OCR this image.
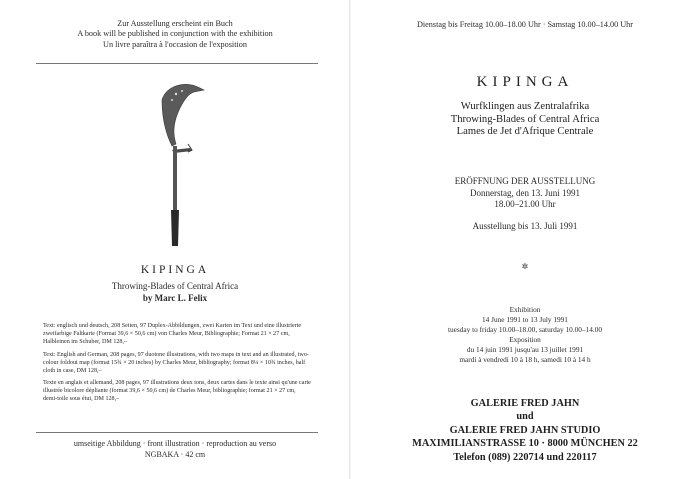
Zur Ausstellung erscheint ein Buch
A book will be published in conjunction with the exhibition
Un livre paraîtra à l'occasion de l'exposition
KIPINGA
Throwing-Blades of Central Africa
by Marc L. Felix

Text: englisch und deutsch, 208 Seiten, 97 Duplex-Abbildungen, zwei Karten im Text und eine illustrierte zweifarbige Faltkarte (Format 39,6 × 50,6 cm) von Charles Meur, Bibliographie; Format 21 × 27 cm, Halbleinen im Schuber, DM 128,–

Text: English and German, 208 pages, 97 duotone illustrations, with two maps in text and an illustrated, two-colour foldout map (format 15¾ × 20 inches) by Charles Meur, bibliography; format 8¼ × 10¾ inches, half cloth in case, DM 128,–

Texte en anglais et allemand, 208 pages, 97 illustrations deux tons, deux cartes dans le texte ainsi qu'une carte illustrée bicolore dépliante (format 39,6 × 50,6 cm) de Charles Meur, bibliographie; format 21 × 27 cm, demi-toile sous étui, DM 128,–

umseitige Abbildung · front illustration · reproduction au verso
NGBAKA · 42 cm
Dienstag bis Freitag 10.00–18.00 Uhr · Samstag 10.00–14.00 Uhr
KIPINGA
Wurfklingen aus Zentralafrika
Throwing-Blades of Central Africa
Lames de Jet d'Afrique Centrale
ERÖFFNUNG DER AUSSTELLUNG
Donnerstag, den 13. Juni 1991
18.00–21.00 Uhr
Ausstellung bis 13. Juli 1991
✲
Exhibition
14 June 1991 to 13 July 1991
tuesday to friday 10.00–18.00, saturday 10.00–14.00
Exposition
du 14 juin 1991 jusqu'au 13 juillet 1991
mardi à vendredi 10 à 18 h, samedi 10 à 14 h
GALERIE FRED JAHN
und
GALERIE FRED JAHN STUDIO
MAXIMILIANSTRASSE 10 · 8000 MÜNCHEN 22
Telefon (089) 220714 und 220117
